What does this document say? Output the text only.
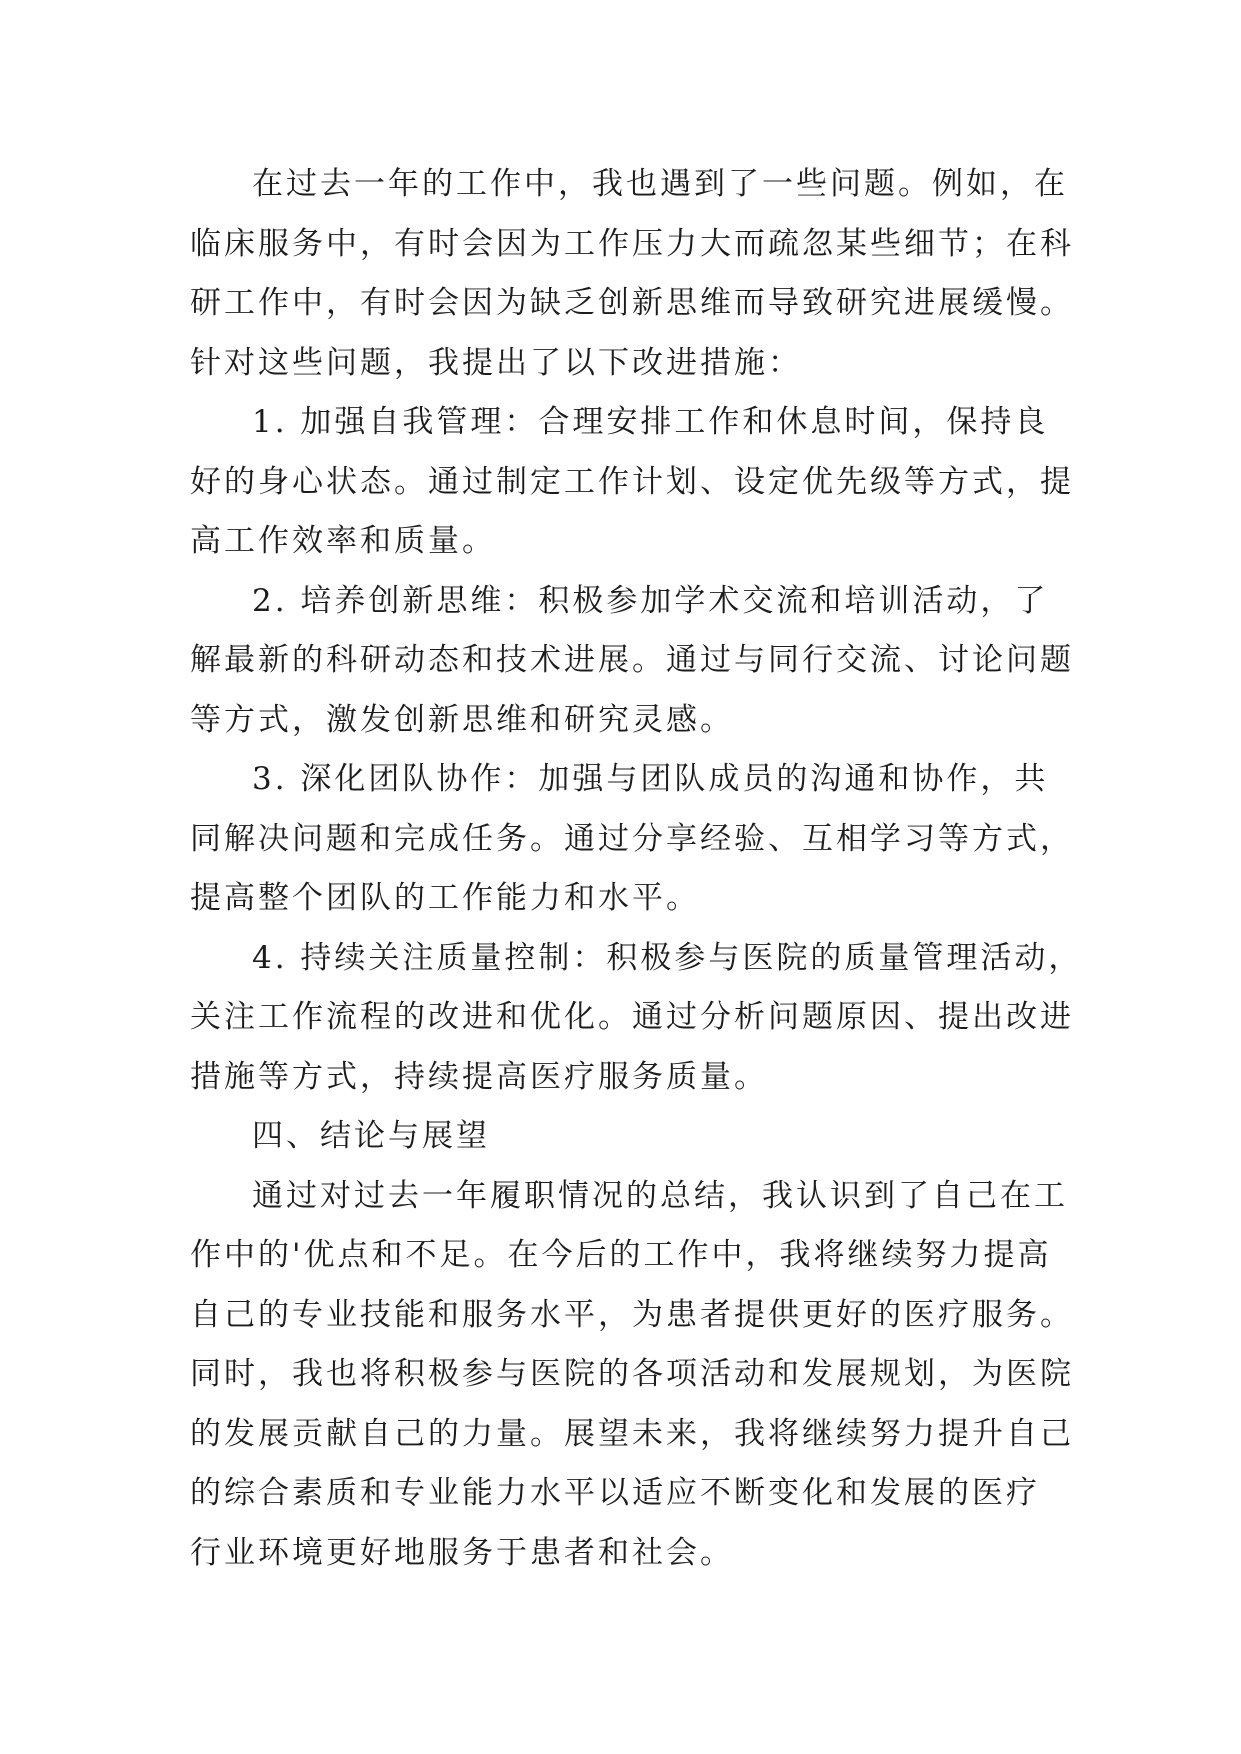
在过去一年的工作中，我也遇到了一些问题。例如，在
临床服务中，有时会因为工作压力大而疏忽某些细节；在科
研工作中，有时会因为缺乏创新思维而导致研究进展缓慢。
针对这些问题，我提出了以下改进措施：

1. 加强自我管理：合理安排工作和休息时间，保持良
好的身心状态。通过制定工作计划、设定优先级等方式，提
高工作效率和质量。

2. 培养创新思维：积极参加学术交流和培训活动，了
解最新的科研动态和技术进展。通过与同行交流、讨论问题
等方式，激发创新思维和研究灵感。

3. 深化团队协作：加强与团队成员的沟通和协作，共
同解决问题和完成任务。通过分享经验、互相学习等方式，
提高整个团队的工作能力和水平。

4. 持续关注质量控制：积极参与医院的质量管理活动，
关注工作流程的改进和优化。通过分析问题原因、提出改进
措施等方式，持续提高医疗服务质量。

四、结论与展望

通过对过去一年履职情况的总结，我认识到了自己在工
作中的'优点和不足。在今后的工作中，我将继续努力提高
自己的专业技能和服务水平，为患者提供更好的医疗服务。
同时，我也将积极参与医院的各项活动和发展规划，为医院
的发展贡献自己的力量。展望未来，我将继续努力提升自己
的综合素质和专业能力水平以适应不断变化和发展的医疗
行业环境更好地服务于患者和社会。
